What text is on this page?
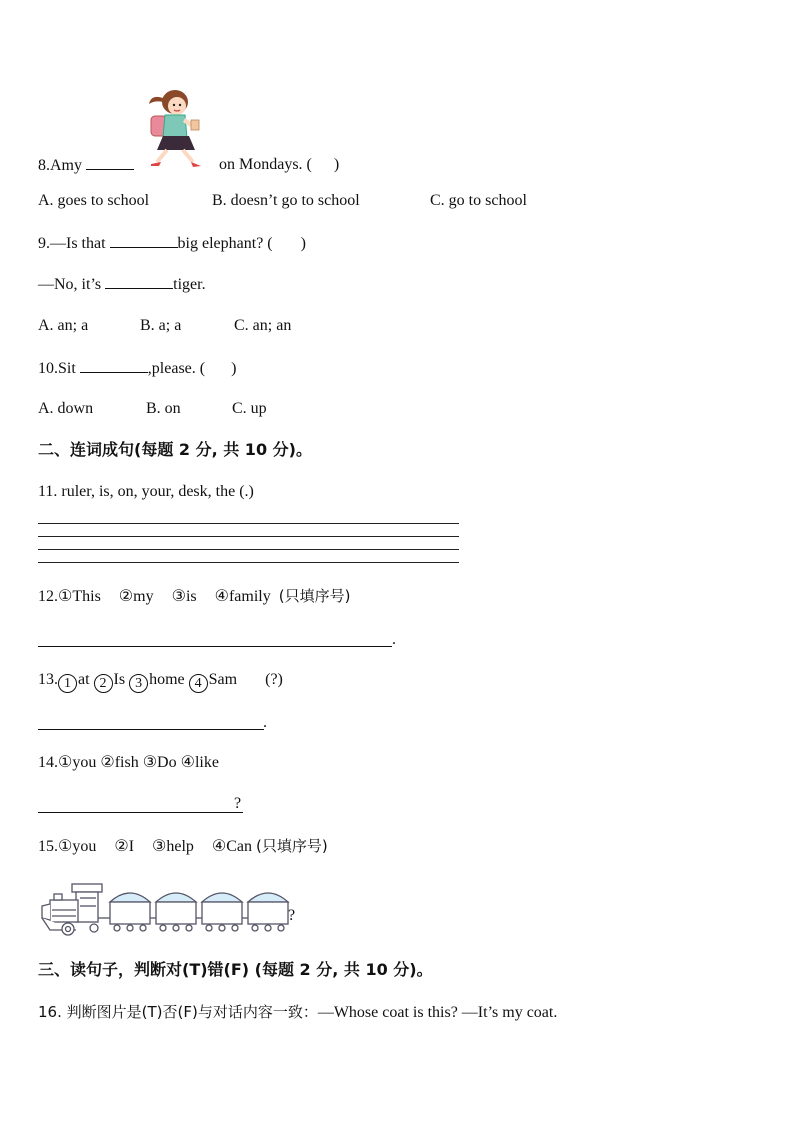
8.Amy	on Mondays. ( )
A. goes to school	B. doesn’t go to school	C. go to school
9.—Is that	big elephant? ( )
—No, it’s	tiger.
A. an; a	B. a; a	C. an; an
10.Sit	,please. ( )
A. down	B. on	C. up
二、连词成句(每题 2 分, 共 10 分)。
11. ruler, is, on, your, desk, the (.)
12.①This ②my ③is ④family (只填序号)
.
13. 1 at 2 Is 3 home 4 Sam (?)
.
14.①you ②fish ③Do ④like
?
15.①you ②I ③help ④Can (只填序号)
?
三、读句子，判断对(T)错(F) (每题 2 分, 共 10 分)。
16. 判断图片是(T)否(F)与对话内容一致：—Whose coat is this? —It’s my coat.
